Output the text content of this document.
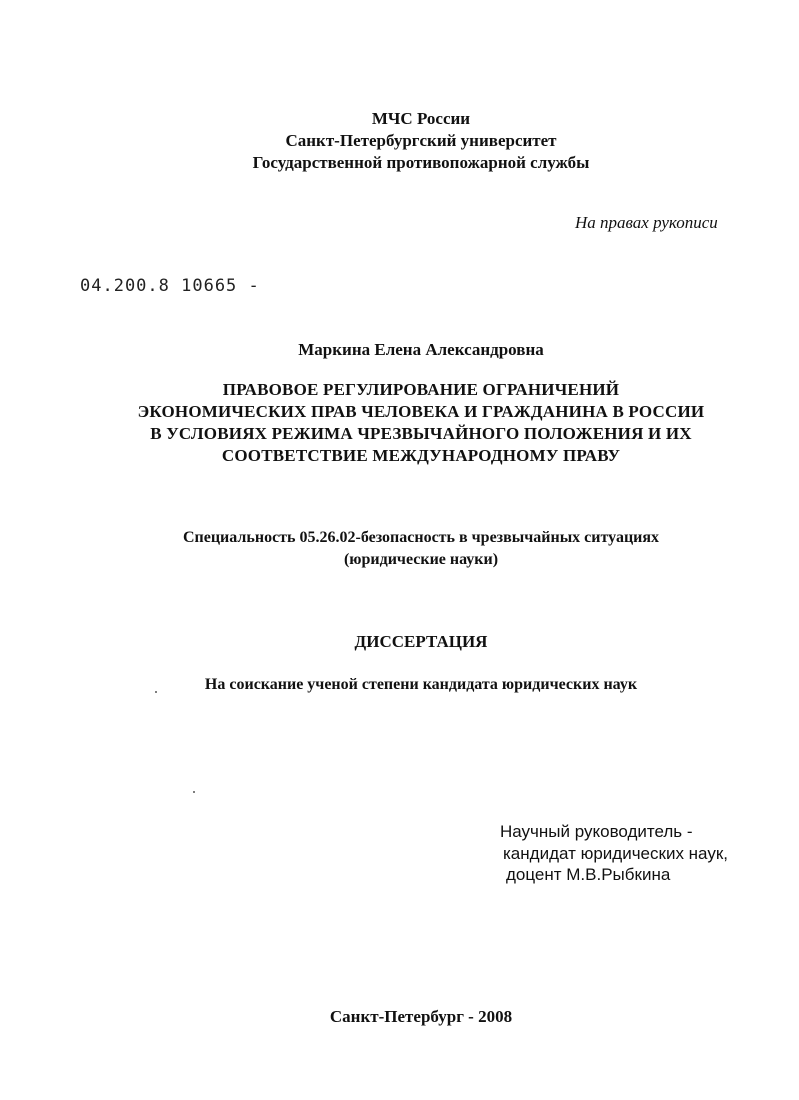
МЧС России
Санкт-Петербургский университет
Государственной противопожарной службы
На правах рукописи
04.200.8 10665 -
Маркина Елена Александровна
ПРАВОВОЕ РЕГУЛИРОВАНИЕ ОГРАНИЧЕНИЙ
ЭКОНОМИЧЕСКИХ ПРАВ ЧЕЛОВЕКА И ГРАЖДАНИНА В РОССИИ
В УСЛОВИЯХ РЕЖИМА ЧРЕЗВЫЧАЙНОГО ПОЛОЖЕНИЯ И ИХ
СООТВЕТСТВИЕ МЕЖДУНАРОДНОМУ ПРАВУ
Специальность 05.26.02-безопасность в чрезвычайных ситуациях
(юридические науки)
ДИССЕРТАЦИЯ
На соискание ученой степени кандидата юридических наук
Научный руководитель -
кандидат юридических наук,
доцент М.В.Рыбкина
Санкт-Петербург - 2008
